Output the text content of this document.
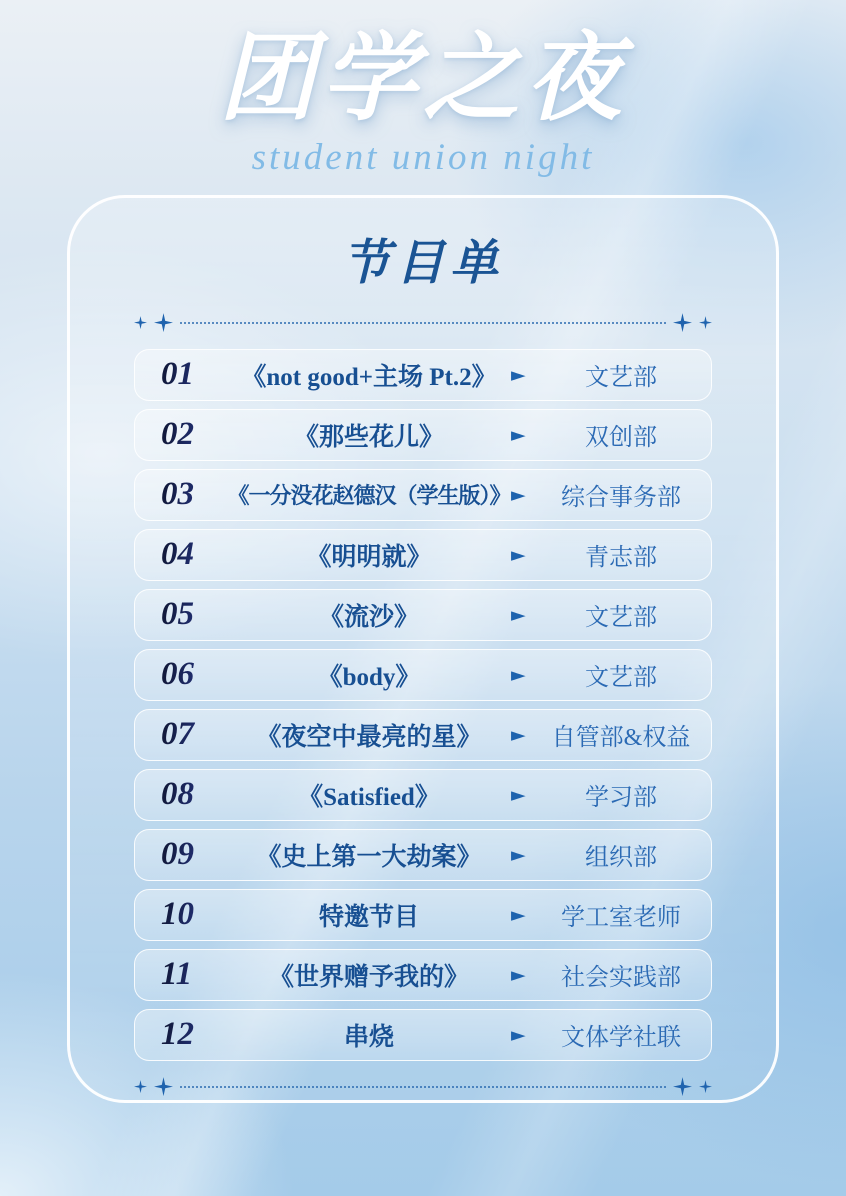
团学之夜
student union night
节目单
01	《not good+主场 Pt.2》 ►	文艺部
02	《那些花儿》	►	双创部
03	《一分没花赵德汉（学生版）》 ►	综合事务部
04	《明明就》	►	青志部
05	《流沙》	►	文艺部
06	《body》	►	文艺部
07	《夜空中最亮的星》	►	自管部&权益
08	《Satisfied》	►	学习部
09	《史上第一大劫案》	►	组织部
10	特邀节目	►	学工室老师
11	《世界赠予我的》	►	社会实践部
12	串烧	►	文体学社联
